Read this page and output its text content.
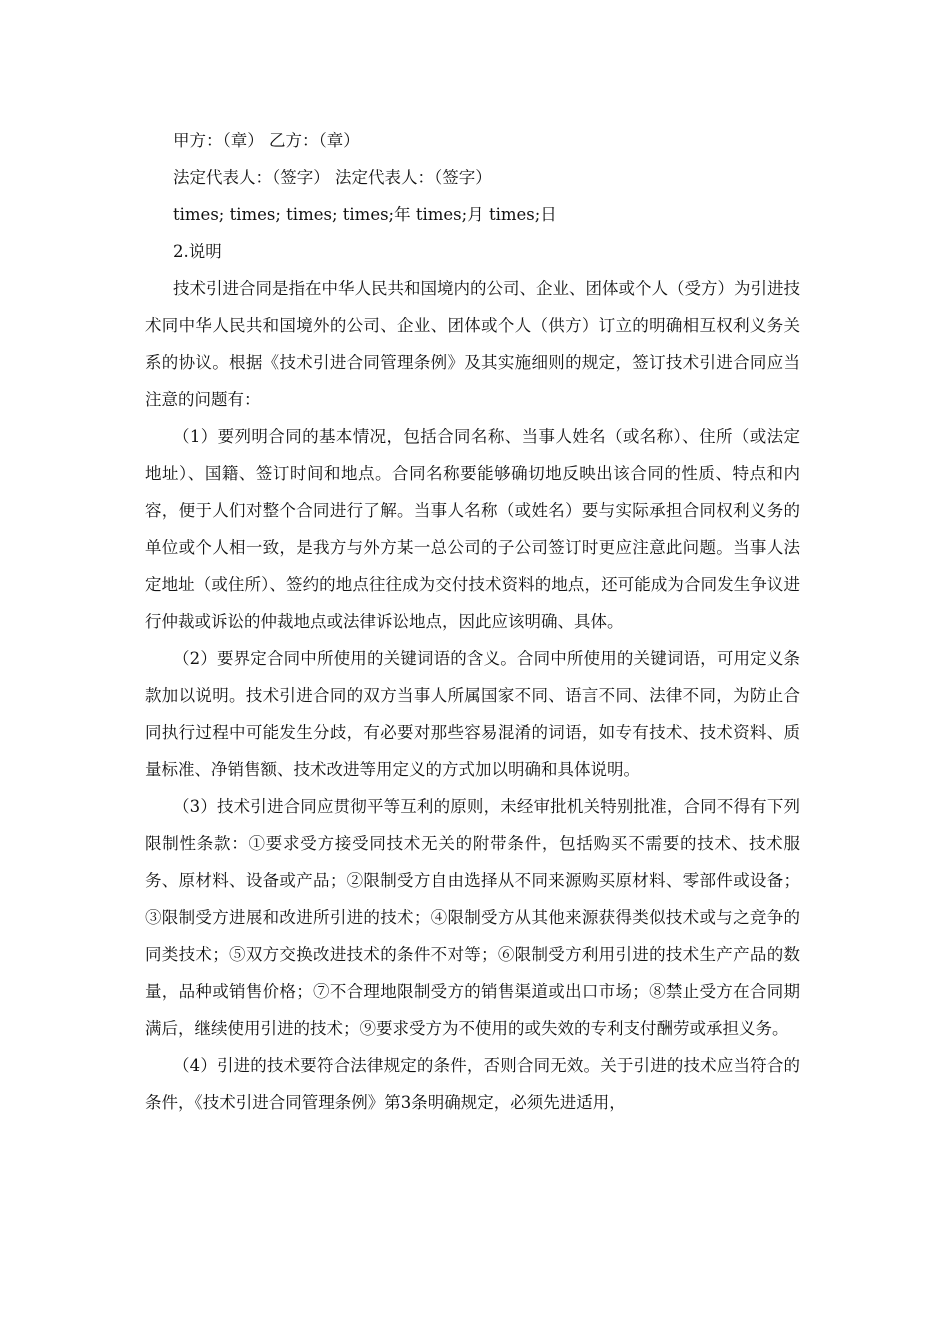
甲方：（章） 乙方：（章）

法定代表人：（签字） 法定代表人：（签字）

times; times; times; times;年 times;月 times;日

2.说明

技术引进合同是指在中华人民共和国境内的公司、企业、团体或个人（受方）为引进技术同中华人民共和国境外的公司、企业、团体或个人（供方）订立的明确相互权利义务关系的协议。根据《技术引进合同管理条例》及其实施细则的规定，签订技术引进合同应当注意的问题有：

（1）要列明合同的基本情况，包括合同名称、当事人姓名（或名称）、住所（或法定地址）、国籍、签订时间和地点。合同名称要能够确切地反映出该合同的性质、特点和内容，便于人们对整个合同进行了解。当事人名称（或姓名）要与实际承担合同权利义务的单位或个人相一致，是我方与外方某一总公司的子公司签订时更应注意此问题。当事人法定地址（或住所）、签约的地点往往成为交付技术资料的地点，还可能成为合同发生争议进行仲裁或诉讼的仲裁地点或法律诉讼地点，因此应该明确、具体。

（2）要界定合同中所使用的关键词语的含义。合同中所使用的关键词语，可用定义条款加以说明。技术引进合同的双方当事人所属国家不同、语言不同、法律不同，为防止合同执行过程中可能发生分歧，有必要对那些容易混淆的词语，如专有技术、技术资料、质量标准、净销售额、技术改进等用定义的方式加以明确和具体说明。

（3）技术引进合同应贯彻平等互利的原则，未经审批机关特别批准，合同不得有下列限制性条款：①要求受方接受同技术无关的附带条件，包括购买不需要的技术、技术服务、原材料、设备或产品；②限制受方自由选择从不同来源购买原材料、零部件或设备；③限制受方进展和改进所引进的技术；④限制受方从其他来源获得类似技术或与之竞争的同类技术；⑤双方交换改进技术的条件不对等；⑥限制受方利用引进的技术生产产品的数量，品种或销售价格；⑦不合理地限制受方的销售渠道或出口市场；⑧禁止受方在合同期满后，继续使用引进的技术；⑨要求受方为不使用的或失效的专利支付酬劳或承担义务。

（4）引进的技术要符合法律规定的条件，否则合同无效。关于引进的技术应当符合的条件，《技术引进合同管理条例》第3条明确规定，必须先进适用，
